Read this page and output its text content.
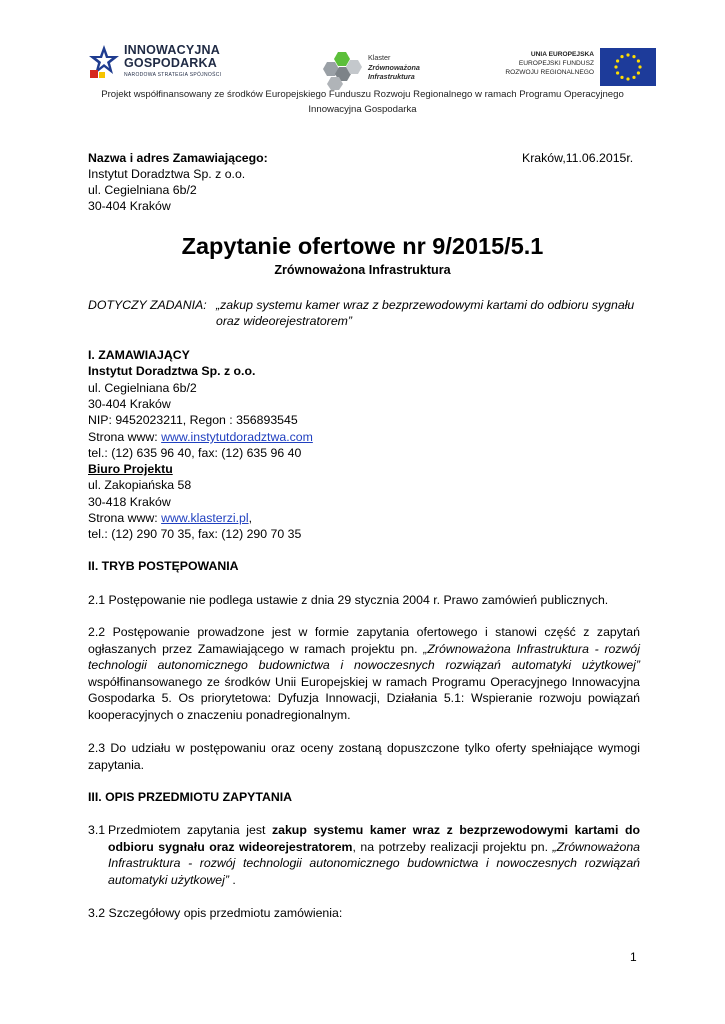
INNOWACYJNA
GOSPODARKA
NARODOWA STRATEGIA SPÓJNOŚCI
Klaster
Zrównoważona
Infrastruktura
UNIA EUROPEJSKA
EUROPEJSKI FUNDUSZ
ROZWOJU REGIONALNEGO
Projekt współfinansowany ze środków Europejskiego Funduszu Rozwoju Regionalnego w ramach Programu Operacyjnego
Innowacyjna Gospodarka
Nazwa i adres Zamawiającego:	Kraków,11.06.2015r.
Instytut Doradztwa Sp. z o.o.
ul. Cegielniana 6b/2
30-404 Kraków
Zapytanie ofertowe nr 9/2015/5.1
Zrównoważona Infrastruktura
DOTYCZY ZADANIA: „zakup systemu kamer wraz z bezprzewodowymi kartami do odbioru sygnału
oraz wideorejestratorem”
I. ZAMAWIAJĄCY
Instytut Doradztwa Sp. z o.o.
ul. Cegielniana 6b/2
30-404 Kraków
NIP: 9452023211, Regon : 356893545
Strona www: www.instytutdoradztwa.com
tel.: (12) 635 96 40, fax: (12) 635 96 40
Biuro Projektu
ul. Zakopiańska 58
30-418 Kraków
Strona www: www.klasterzi.pl,
tel.: (12) 290 70 35, fax: (12) 290 70 35
II. TRYB POSTĘPOWANIA
2.1 Postępowanie nie podlega ustawie z dnia 29 stycznia 2004 r. Prawo zamówień publicznych.
2.2 Postępowanie prowadzone jest w formie zapytania ofertowego i stanowi część z zapytań ogłaszanych przez Zamawiającego w ramach projektu pn. „Zrównoważona Infrastruktura - rozwój technologii autonomicznego budownictwa i nowoczesnych rozwiązań automatyki użytkowej” współfinansowanego ze środków Unii Europejskiej w ramach Programu Operacyjnego Innowacyjna Gospodarka 5. Os priorytetowa: Dyfuzja Innowacji, Działania 5.1: Wspieranie rozwoju powiązań kooperacyjnych o znaczeniu ponadregionalnym.
2.3 Do udziału w postępowaniu oraz oceny zostaną dopuszczone tylko oferty spełniające wymogi zapytania.
III. OPIS PRZEDMIOTU ZAPYTANIA
3.1 Przedmiotem zapytania jest zakup systemu kamer wraz z bezprzewodowymi kartami do odbioru sygnału oraz wideorejestratorem, na potrzeby realizacji projektu pn. „Zrównoważona Infrastruktura - rozwój technologii autonomicznego budownictwa i nowoczesnych rozwiązań automatyki użytkowej” .
3.2 Szczegółowy opis przedmiotu zamówienia:
1
